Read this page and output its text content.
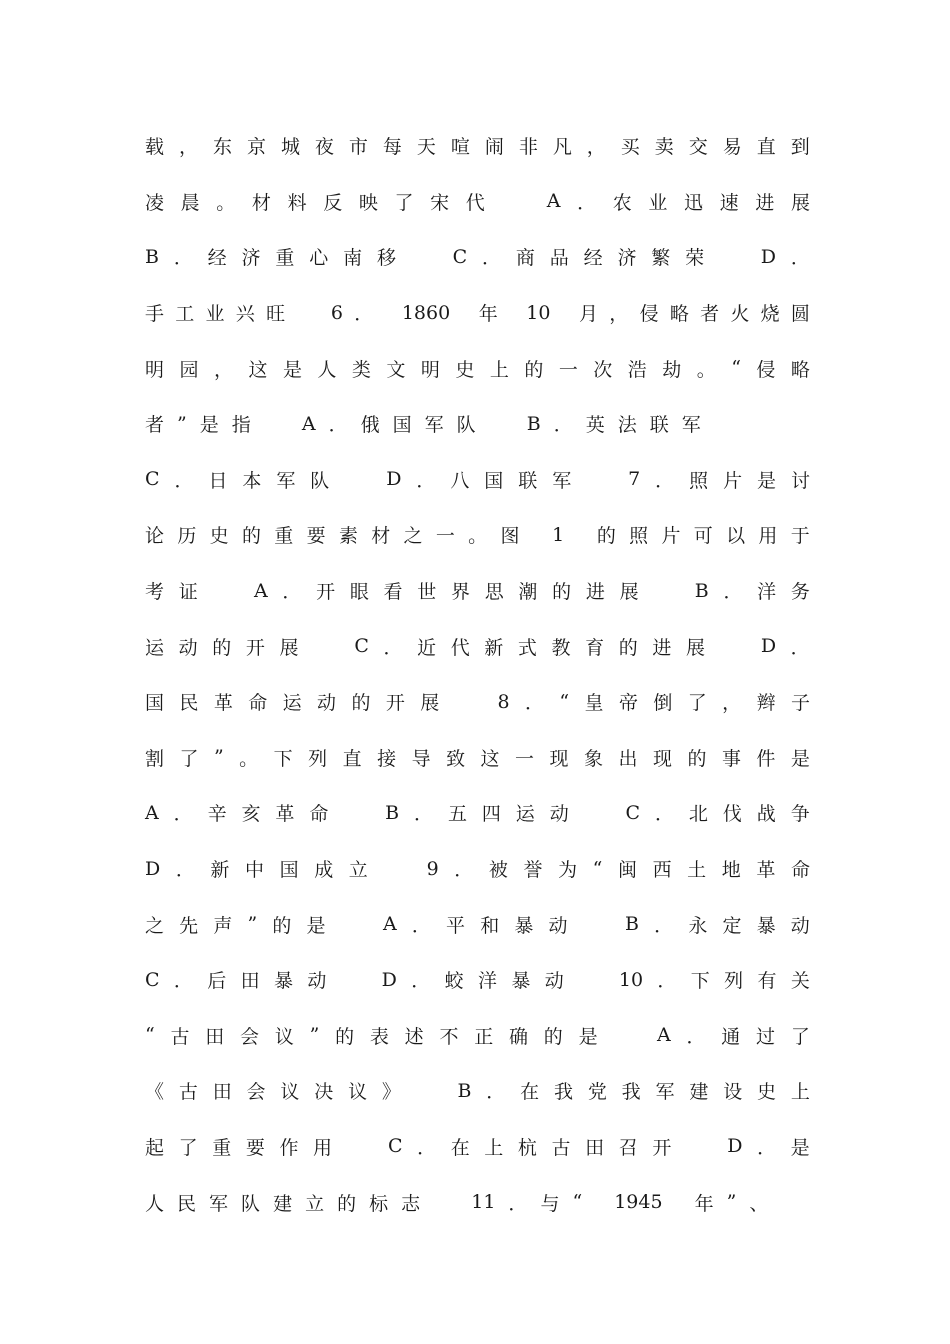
载 ， 东 京 城 夜 市 每 天 喧 闹 非 凡 ， 买 卖 交 易 直 到
凌 晨 。 材 料 反 映 了 宋 代

	A ． 农 业 迅 速 进 展
B ． 经 济 重 心 南 移

	C ． 商 品 经 济 繁 荣

	D ．
手 工 业 兴 旺

6 ．
1860
年
10
月 ， 侵 略 者 火 烧 圆
明 园 ， 这 是 人 类 文 明 史 上 的 一 次 浩 劫 。 “ 侵 略
者 ” 是 指

	A ． 俄 国 军 队

	B ． 英 法 联 军
C ． 日 本 军 队

	D ． 八 国 联 军

	7 ． 照 片 是 讨
论 历 史 的 重 要 素 材 之 一 。 图
1
的 照 片 可 以 用 于
考 证

	A ． 开 眼 看 世 界 思 潮 的 进 展

	B ． 洋 务
运 动 的 开 展

	C ． 近 代 新 式 教 育 的 进 展

	D ．
国 民 革 命 运 动 的 开 展

	8 ． “ 皇 帝 倒 了 ， 辫 子
割 了 ” 。 下 列 直 接 导 致 这 一 现 象 出 现 的 事 件 是
A ． 辛 亥 革 命

	B ． 五 四 运 动

	C ． 北 伐 战 争
D ． 新 中 国 成 立

	9 ． 被 誉 为 “ 闽 西 土 地 革 命
之 先 声 ” 的 是

	A ． 平 和 暴 动

	B ． 永 定 暴 动
C ． 后 田 暴 动

	D ． 蛟 洋 暴 动

	10 ． 下 列 有 关
“ 古 田 会 议 ” 的 表 述 不 正 确 的 是

	A ． 通 过 了
《 古 田 会 议 决 议 》

	B ． 在 我 党 我 军 建 设 史 上
起 了 重 要 作 用

	C ． 在 上 杭 古 田 召 开

	D ． 是
人 民 军 队 建 立 的 标 志

	11 ． 与 “
1945
年 ” 、
